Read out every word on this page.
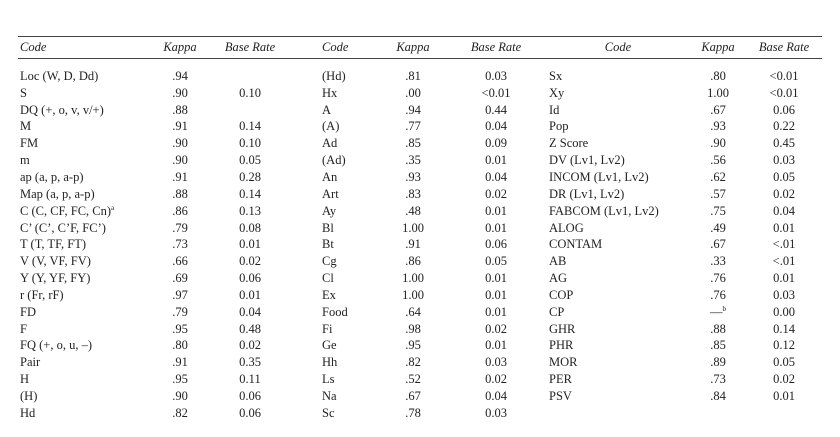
Code	Kappa	Base Rate
Loc (W, D, Dd)	.94
S	.90	0.10
DQ (+, o, v, v/+)	.88
M	.91	0.14
FM	.90	0.10
m	.90	0.05
ap (a, p, a-p)	.91	0.28
Map (a, p, a-p)	.88	0.14
C (C, CF, FC, Cn)$^a$	.86	0.13
C’ (C’, C’F, FC’)	.79	0.08
T (T, TF, FT)	.73	0.01
V (V, VF, FV)	.66	0.02
Y (Y, YF, FY)	.69	0.06
r (Fr, rF)	.97	0.01
FD	.79	0.04
F	.95	0.48
FQ (+, o, u, –)	.80	0.02
Pair	.91	0.35
H	.95	0.11
(H)	.90	0.06
Hd	.82	0.06
Code	Kappa	Base Rate
(Hd)	.81	0.03
Hx	.00	<0.01
A	.94	0.44
(A)	.77	0.04
Ad	.85	0.09
(Ad)	.35	0.01
An	.93	0.04
Art	.83	0.02
Ay	.48	0.01
Bl	1.00	0.01
Bt	.91	0.06
Cg	.86	0.05
Cl	1.00	0.01
Ex	1.00	0.01
Food	.64	0.01
Fi	.98	0.02
Ge	.95	0.01
Hh	.82	0.03
Ls	.52	0.02
Na	.67	0.04
Sc	.78	0.03
Code	Kappa	Base Rate
Sx	.80	<0.01
Xy	1.00	<0.01
Id	.67	0.06
Pop	.93	0.22
Z Score	.90	0.45
DV (Lv1, Lv2)	.56	0.03
INCOM (Lv1, Lv2)	.62	0.05
DR (Lv1, Lv2)	.57	0.02
FABCOM (Lv1, Lv2)	.75	0.04
ALOG	.49	0.01
CONTAM	.67	<.01
AB	.33	<.01
AG	.76	0.01
COP	.76	0.03
CP	—$^b$	0.00
GHR	.88	0.14
PHR	.85	0.12
MOR	.89	0.05
PER	.73	0.02
PSV	.84	0.01
